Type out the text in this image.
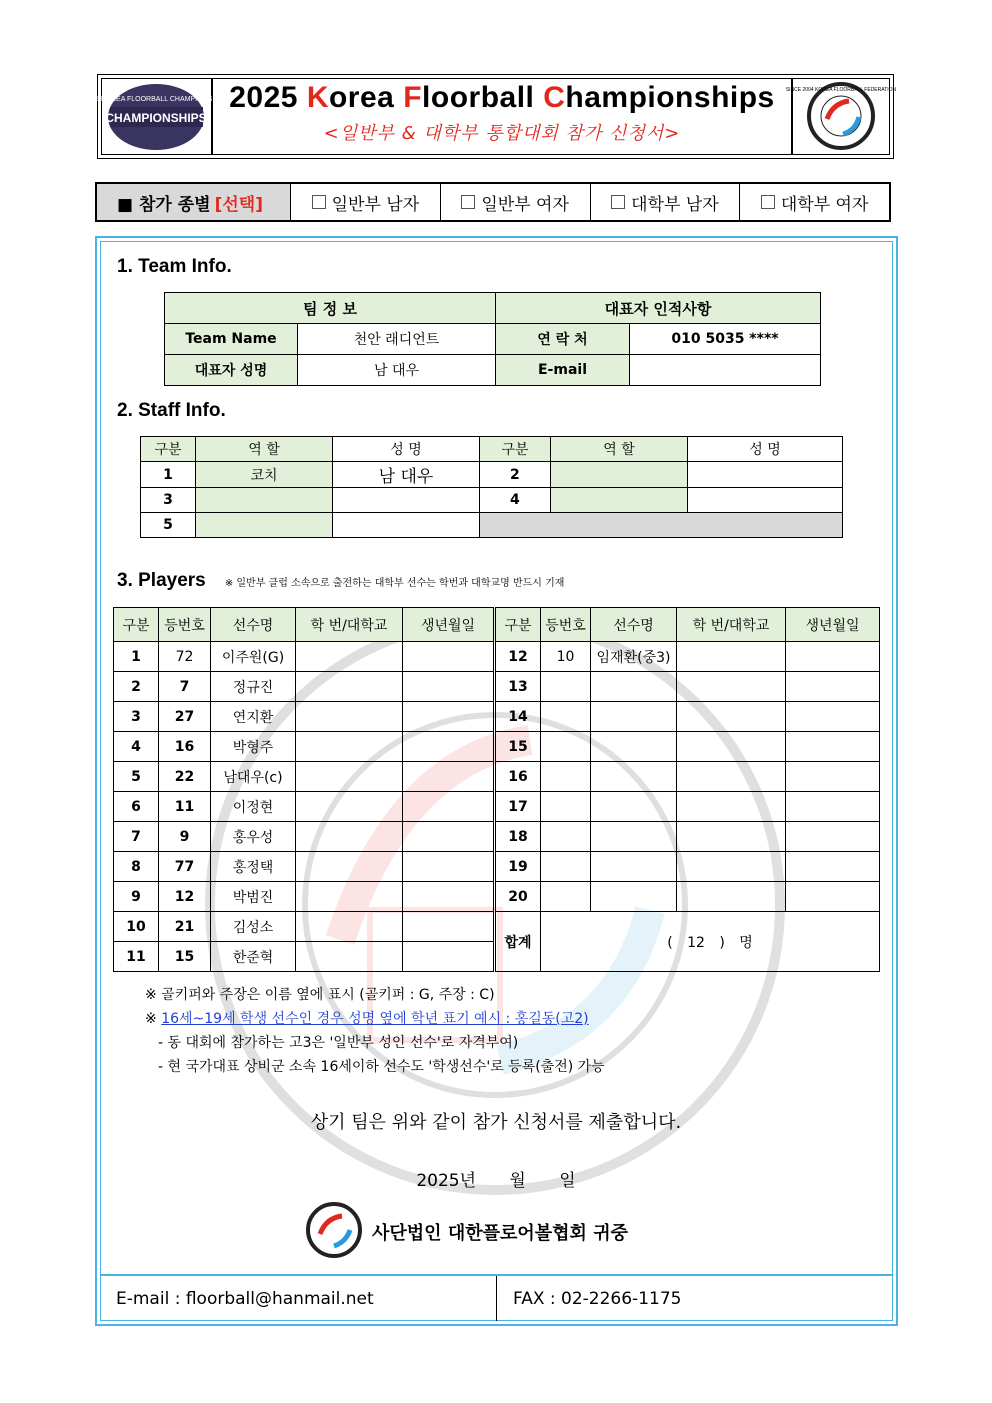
CHAMPIONSHIPS
2025 KOREA FLOORBALL CHAMPIONSHIPS 2025 Korea Floorball Championships
<일반부 & 대학부 통합대회 참가 신청서>
SINCE 2004 KOREA FLOORBALL FEDERATION
■ 참가 종별 [선택]	일반부 남자	일반부 여자	대학부 남자	대학부 여자
1. Team Info.
팀 정 보		대표자 인적사항	
Team Name	천안 래디언트	연 락 처	010 5035 ****
대표자 성명	남 대우	E-mail	
2. Staff Info.
구분	역 할	성 명	구분	역 할	성 명
1	코치	남 대우	2		
3			4		
5					
3. Players ※ 일반부 클럽 소속으로 출전하는 대학부 선수는 학번과 대학교명 반드시 기재
구분	등번호	선수명	학 번/대학교	생년월일	구분	등번호	선수명	학 번/대학교	생년월일
1	72	이주원(G)			12	10	임재환(중3)		
2	7	정규진			13				
3	27	연지환			14				
4	16	박형주			15				
5	22	남대우(c)			16				
6	11	이정현			17				
7	9	홍우성			18				
8	77	홍정택			19				
9	12	박범진			20				
10	21	김성소			합계	( 12 ) 명			
11	15	한준혁							
※ 골키퍼와 주장은 이름 옆에 표시 (골키퍼 : G, 주장 : C)
※ 16세~19세 학생 선수인 경우 성명 옆에 학년 표기 예시 : 홍길동(고2)
- 동 대회에 참가하는 고3은 '일반부 성인 선수'로 자격부여)
- 현 국가대표 상비군 소속 16세이하 선수도 '학생선수'로 등록(출전) 가능
상기 팀은 위와 같이 참가 신청서를 제출합니다.
2025년 월 일
사단법인 대한플로어볼협회 귀중
E-mail : floorball@hanmail.net	FAX : 02-2266-1175
